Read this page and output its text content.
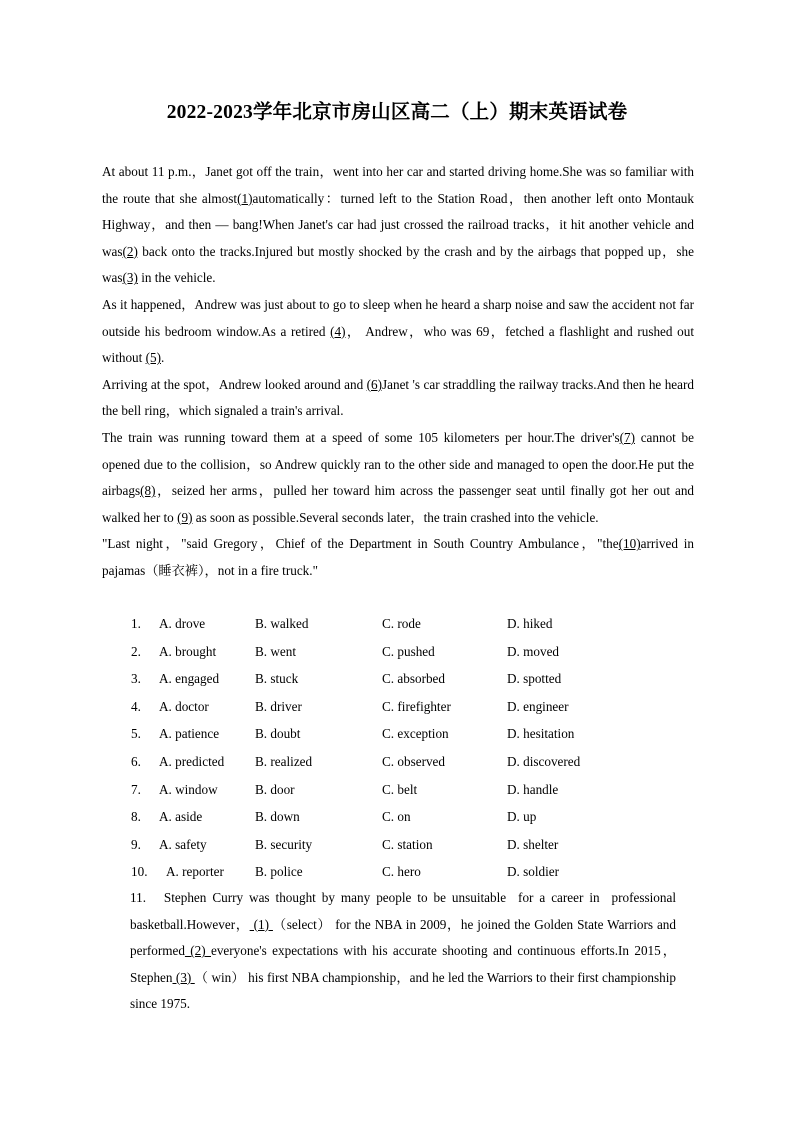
2022-2023学年北京市房山区高二（上）期末英语试卷

At about 11 p.m.，Janet got off the train，went into her car and started driving home.She was so familiar with the route that she almost(1)automatically：turned left to the Station Road，then another left onto Montauk Highway，and then — bang!When Janet's car had just crossed the railroad tracks，it hit another vehicle and was(2) back onto the tracks.Injured but mostly shocked by the crash and by the airbags that popped up，she was(3) in the vehicle.

As it happened，Andrew was just about to go to sleep when he heard a sharp noise and saw the accident not far outside his bedroom window.As a retired (4)， Andrew，who was 69，fetched a flashlight and rushed out without (5).

Arriving at the spot，Andrew looked around and (6)Janet 's car straddling the railway tracks.And then he heard the bell ring，which signaled a train's arrival.

The train was running toward them at a speed of some 105 kilometers per hour.The driver's(7) cannot be opened due to the collision，so Andrew quickly ran to the other side and managed to open the door.He put the airbags(8)，seized her arms，pulled her toward him across the passenger seat until finally got her out and walked her to (9) as soon as possible.Several seconds later，the train crashed into the vehicle.

"Last night，"said Gregory，Chief of the Department in South Country Ambulance，"the(10)arrived in pajamas（睡衣裤），not in a fire truck."

1. A. drove	B. walked	C. rode	D. hiked
2. A. brought	B. went	C. pushed	D. moved
3. A. engaged	B. stuck	C. absorbed	D. spotted
4. A. doctor	B. driver	C. firefighter	D. engineer
5. A. patience	B. doubt	C. exception	D. hesitation
6. A. predicted B. realized	C. observed	D. discovered
7. A. window	B. door	C. belt	D. handle
8. A. aside	B. down	C. on	D. up
9. A. safety	B. security	C. station	D. shelter
10. A. reporter B. police	C. hero	D. soldier

11.   Stephen Curry was thought by many people to be unsuitable  for a career in  professional basketball.However， (1) （select） for the NBA in 2009，he joined the Golden State Warriors and performed (2) everyone's expectations with his accurate shooting and continuous efforts.In 2015，Stephen (3) （ win） his first NBA championship，and he led the Warriors to their first championship since 1975.
